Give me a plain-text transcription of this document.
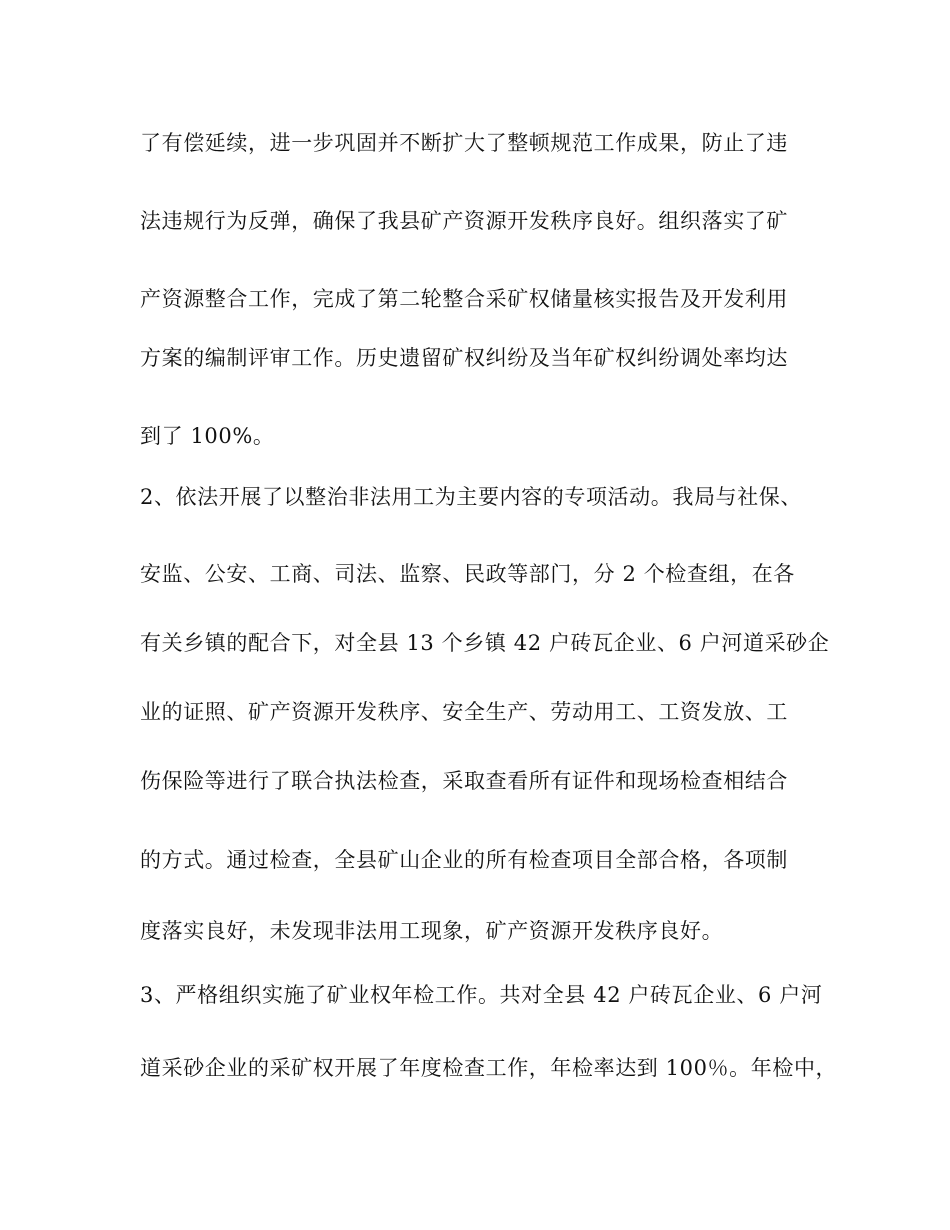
了有偿延续，进一步巩固并不断扩大了整顿规范工作成果，防止了违
法违规行为反弹，确保了我县矿产资源开发秩序良好。组织落实了矿
产资源整合工作，完成了第二轮整合采矿权储量核实报告及开发利用
方案的编制评审工作。历史遗留矿权纠纷及当年矿权纠纷调处率均达
到了 100%。
2、依法开展了以整治非法用工为主要内容的专项活动。我局与社保、
安监、公安、工商、司法、监察、民政等部门，分 2 个检查组，在各
有关乡镇的配合下，对全县 13 个乡镇 42 户砖瓦企业、6 户河道采砂企
业的证照、矿产资源开发秩序、安全生产、劳动用工、工资发放、工
伤保险等进行了联合执法检查，采取查看所有证件和现场检查相结合
的方式。通过检查，全县矿山企业的所有检查项目全部合格，各项制
度落实良好，未发现非法用工现象，矿产资源开发秩序良好。
3、严格组织实施了矿业权年检工作。共对全县 42 户砖瓦企业、6 户河
道采砂企业的采矿权开展了年度检查工作，年检率达到 100％。年检中，
